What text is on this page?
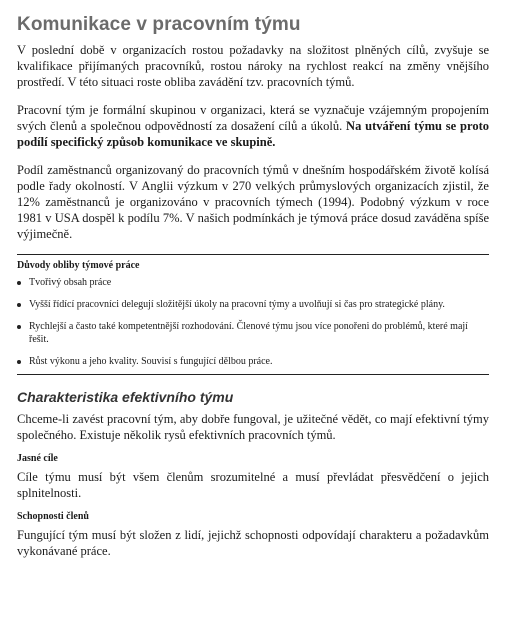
Komunikace v pracovním týmu

V poslední době v organizacích rostou požadavky na složitost plněných cílů, zvyšuje se kvalifikace přijímaných pracovníků, rostou nároky na rychlost reakcí na změny vnějšího prostředí. V této situaci roste obliba zavádění tzv. pracovních týmů.

Pracovní tým je formální skupinou v organizaci, která se vyznačuje vzájemným propojením svých členů a společnou odpovědností za dosažení cílů a úkolů. Na utváření týmu se proto podílí specifický způsob komunikace ve skupině.

Podíl zaměstnanců organizovaný do pracovních týmů v dnešním hospodářském životě kolísá podle řady okolností. V Anglii výzkum v 270 velkých průmyslových organizacích zjistil, že 12% zaměstnanců je organizováno v pracovních týmech (1994). Podobný výzkum v roce 1981 v USA dospěl k podílu 7%. V našich podmínkách je týmová práce dosud zaváděna spíše výjimečně.

Důvody obliby týmové práce
Tvořivý obsah práce
Vyšší řídící pracovníci delegují složitější úkoly na pracovní týmy a uvolňují si čas pro strategické plány.
Rychlejší a často také kompetentnější rozhodování. Členové týmu jsou více ponořeni do problémů, které mají řešit.
Růst výkonu a jeho kvality. Souvisí s fungující dělbou práce.
Charakteristika efektivního týmu

Chceme-li zavést pracovní tým, aby dobře fungoval, je užitečné vědět, co mají efektivní týmy společného. Existuje několik rysů efektivních pracovních týmů.

Jasné cíle

Cíle týmu musí být všem členům srozumitelné a musí převládat přesvědčení o jejich splnitelnosti.

Schopnosti členů

Fungující tým musí být složen z lidí, jejichž schopnosti odpovídají charakteru a požadavkům vykonávané práce.
